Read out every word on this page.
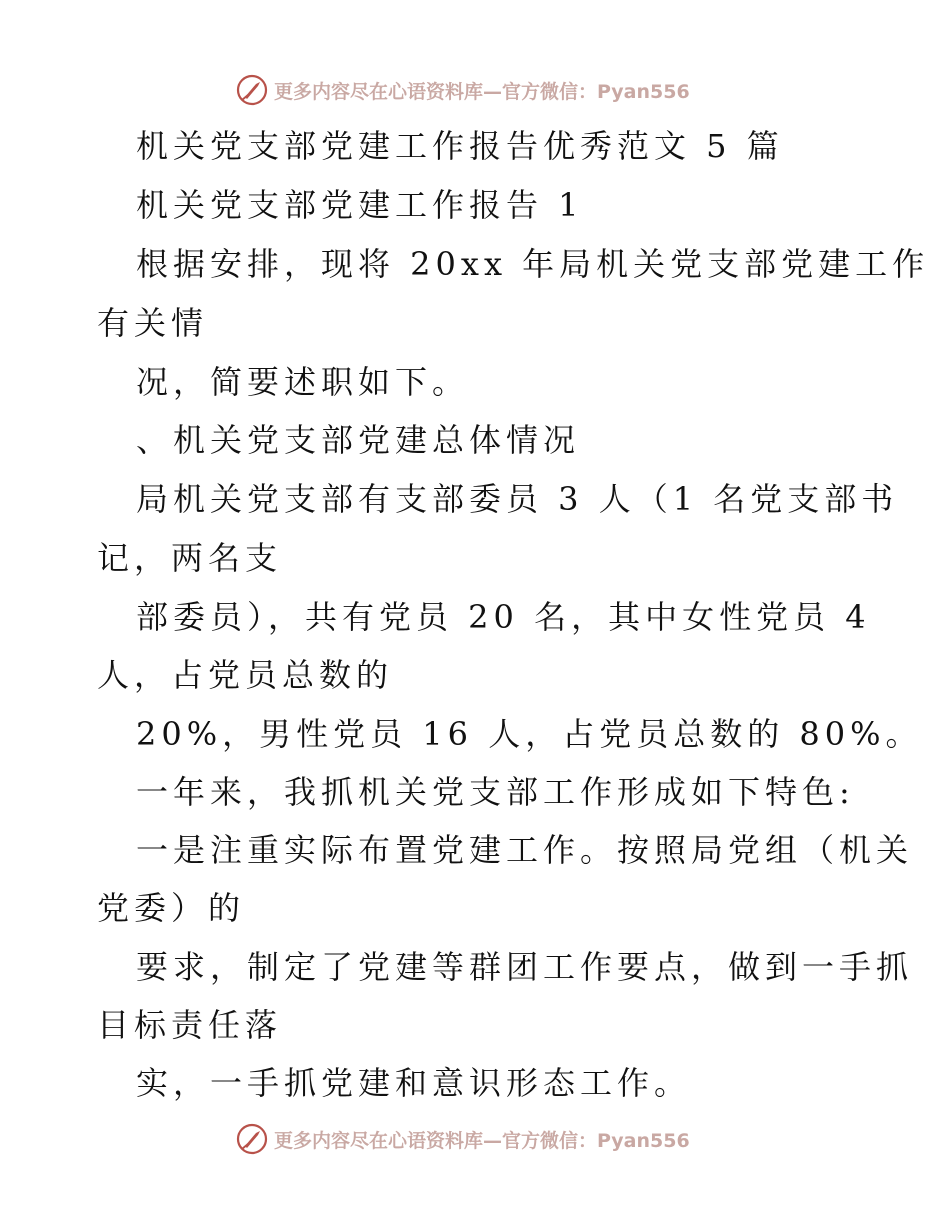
更多内容尽在心语资料库—官方微信：Pyan556
机关党支部党建工作报告优秀范文 5 篇
机关党支部党建工作报告 1
根据安排，现将 20xx 年局机关党支部党建工作
有关情
况，简要述职如下。
、机关党支部党建总体情况
局机关党支部有支部委员 3 人（1 名党支部书
记，两名支
部委员），共有党员 20 名，其中女性党员 4
人，占党员总数的
20%，男性党员 16 人，占党员总数的 80%。
一年来，我抓机关党支部工作形成如下特色:
一是注重实际布置党建工作。按照局党组（机关
党委）的
要求，制定了党建等群团工作要点，做到一手抓
目标责任落
实，一手抓党建和意识形态工作。
更多内容尽在心语资料库—官方微信：Pyan556
